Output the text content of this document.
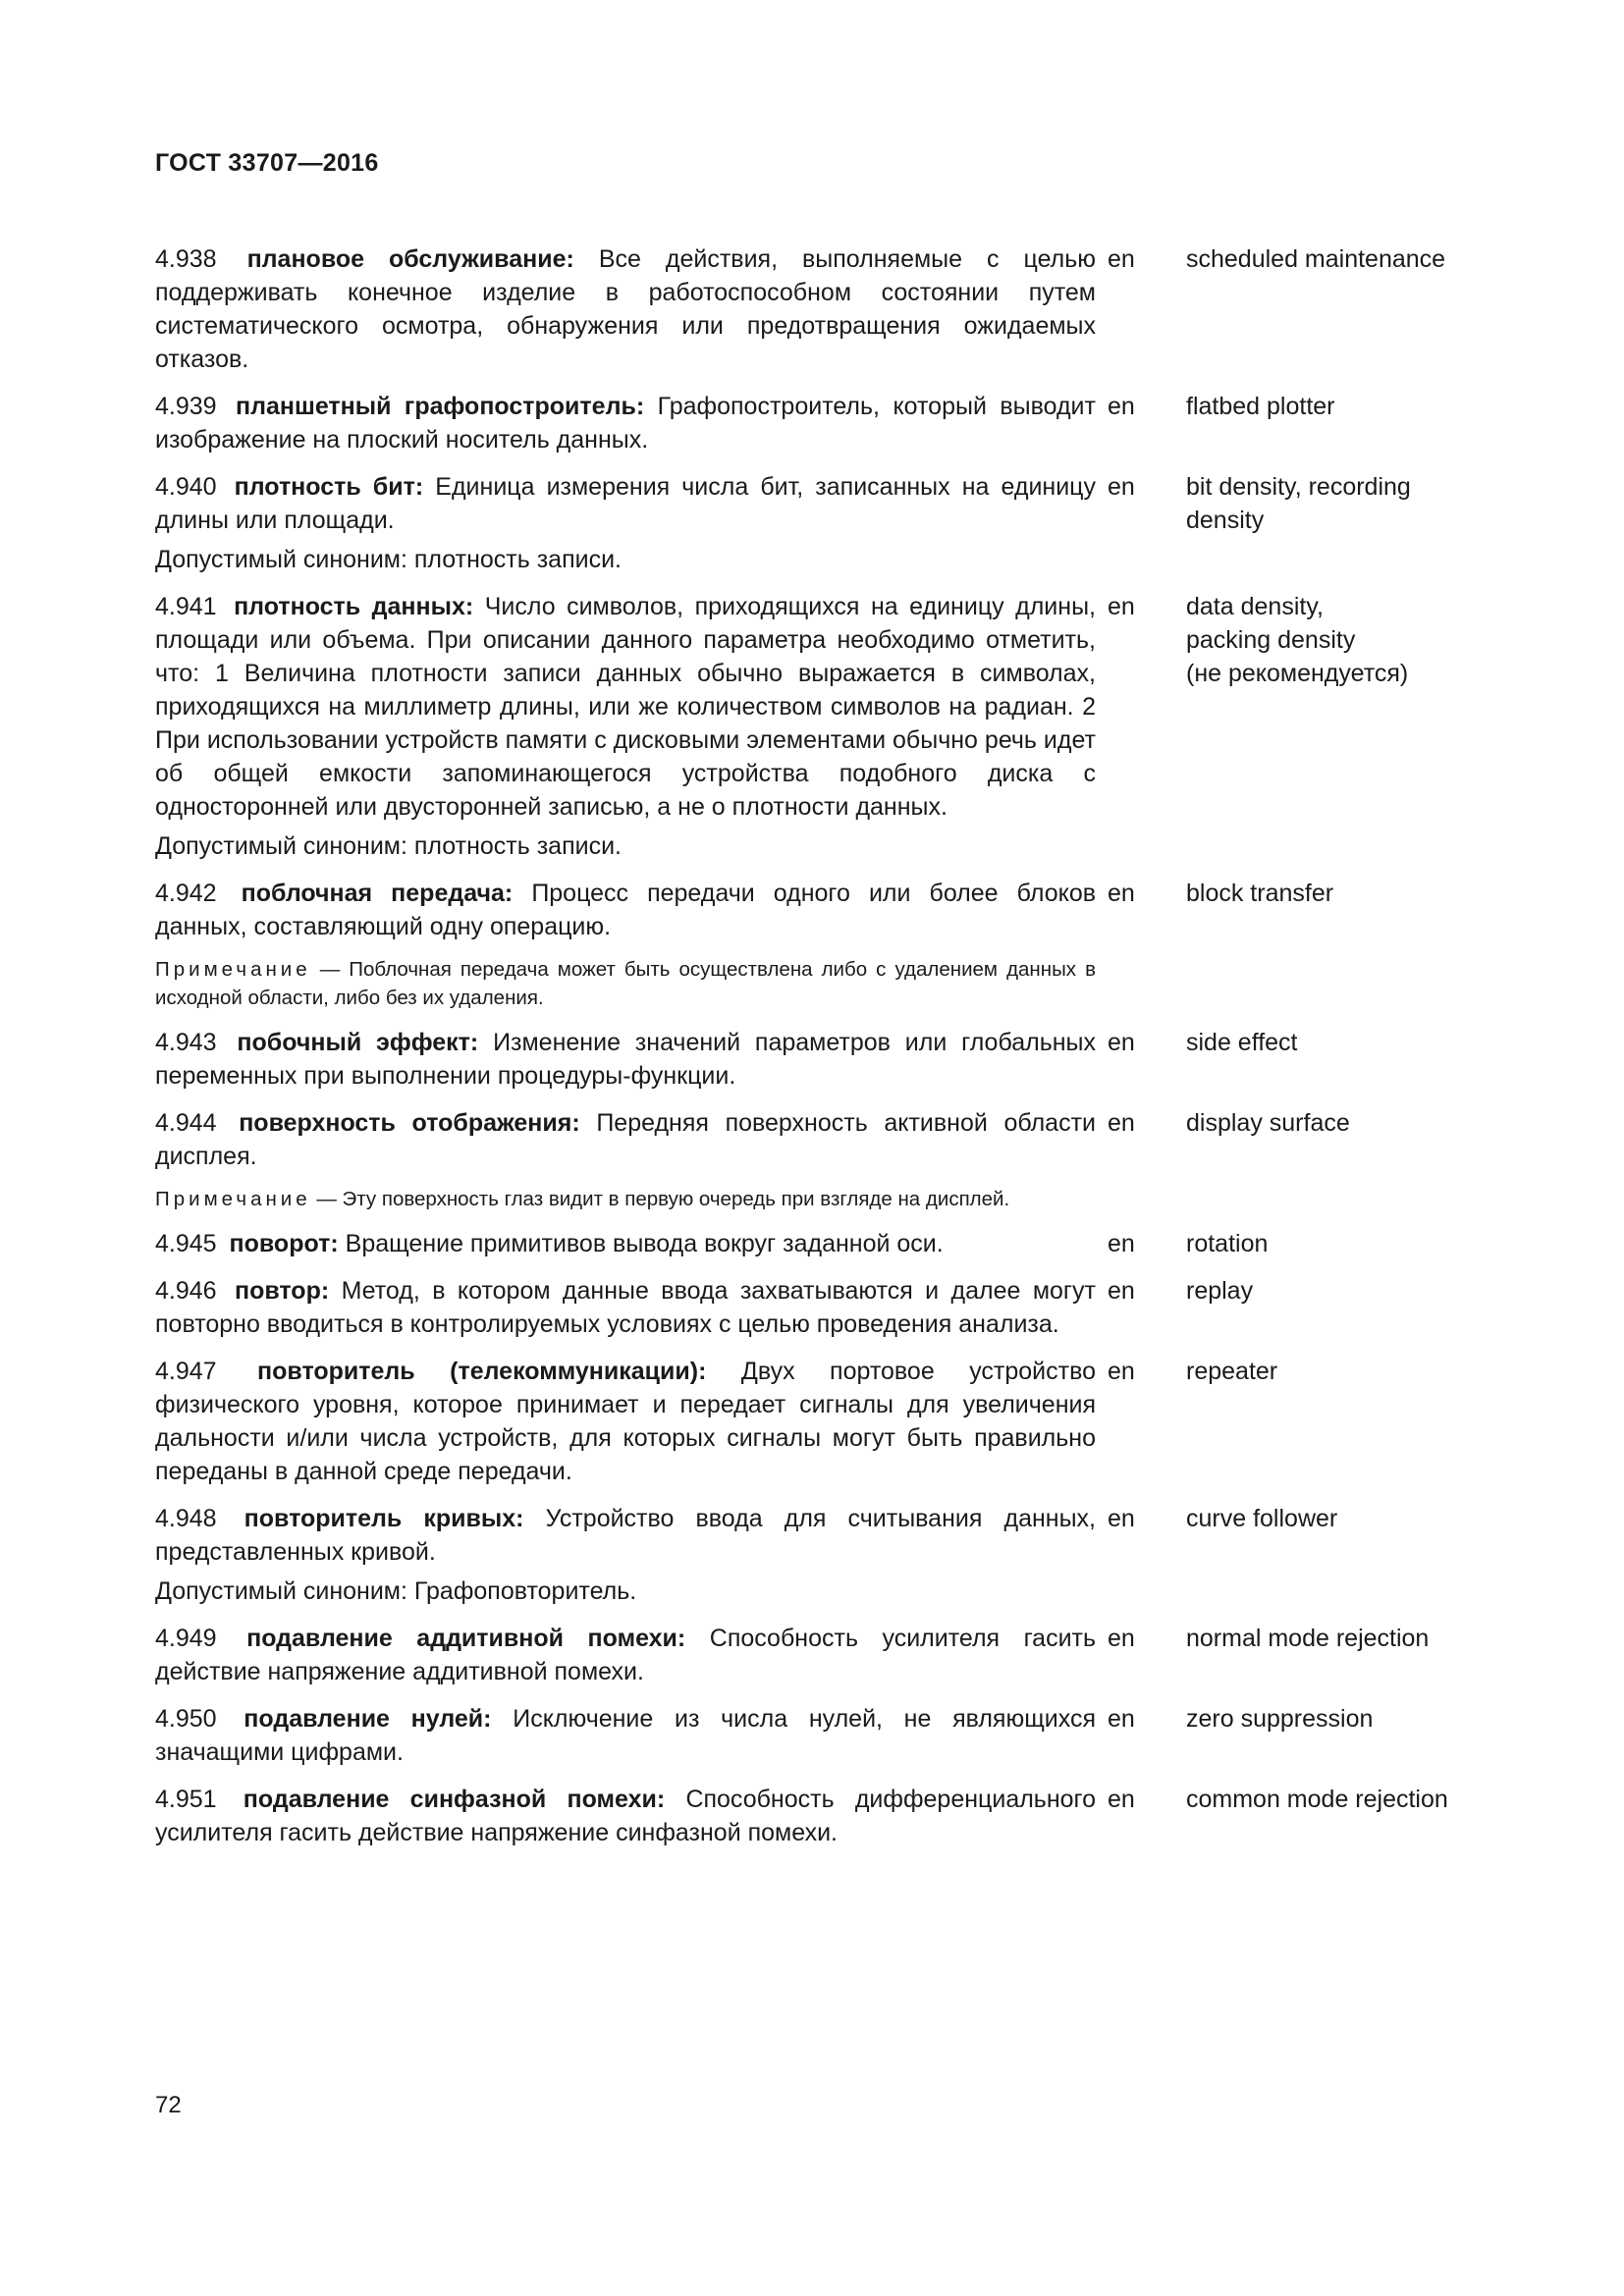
ГОСТ 33707—2016
4.938 плановое обслуживание: Все действия, выполняемые с целью поддерживать конечное изделие в работоспособном состоянии путем систематического осмотра, обнаружения или предотвращения ожидаемых отказов.
en	scheduled maintenance
4.939 планшетный графопостроитель: Графопостроитель, который выводит изображение на плоский носитель данных.
en	flatbed plotter
4.940 плотность бит: Единица измерения числа бит, записанных на единицу длины или площади.
Допустимый синоним: плотность записи.
en	bit density, recording
density
4.941 плотность данных: Число символов, приходящихся на единицу длины, площади или объема. При описании данного параметра необходимо отметить, что: 1 Величина плотности записи данных обычно выражается в символах, приходящихся на миллиметр длины, или же количеством символов на радиан. 2 При использовании устройств памяти с дисковыми элементами обычно речь идет об общей емкости запоминающегося устройства подобного диска с односторонней или двусторонней записью, а не о плотности данных.
Допустимый синоним: плотность записи.
en	data density,
packing density
(не рекомендуется)
4.942 поблочная передача: Процесс передачи одного или более блоков данных, составляющий одну операцию.
Примечание — Поблочная передача может быть осуществлена либо с удалением данных в исходной области, либо без их удаления.
en	block transfer
4.943 побочный эффект: Изменение значений параметров или глобальных переменных при выполнении процедуры-функции.
en	side effect
4.944 поверхность отображения: Передняя поверхность активной области дисплея.
Примечание — Эту поверхность глаз видит в первую очередь при взгляде на дисплей.
en	display surface
4.945 поворот: Вращение примитивов вывода вокруг заданной оси.	en	rotation
4.946 повтор: Метод, в котором данные ввода захватываются и далее могут повторно вводиться в контролируемых условиях с целью проведения анализа.
en	replay
4.947 повторитель (телекоммуникации): Двух портовое устройство физического уровня, которое принимает и передает сигналы для увеличения дальности и/или числа устройств, для которых сигналы могут быть правильно переданы в данной среде передачи.
en	repeater
4.948 повторитель кривых: Устройство ввода для считывания данных, представленных кривой.
Допустимый синоним: Графоповторитель.
en	curve follower
4.949 подавление аддитивной помехи: Способность усилителя гасить действие напряжение аддитивной помехи.
en	normal mode rejection
4.950 подавление нулей: Исключение из числа нулей, не являющихся значащими цифрами.
en	zero suppression
4.951 подавление синфазной помехи: Способность дифференциального усилителя гасить действие напряжение синфазной помехи.
en	common mode rejection
72
